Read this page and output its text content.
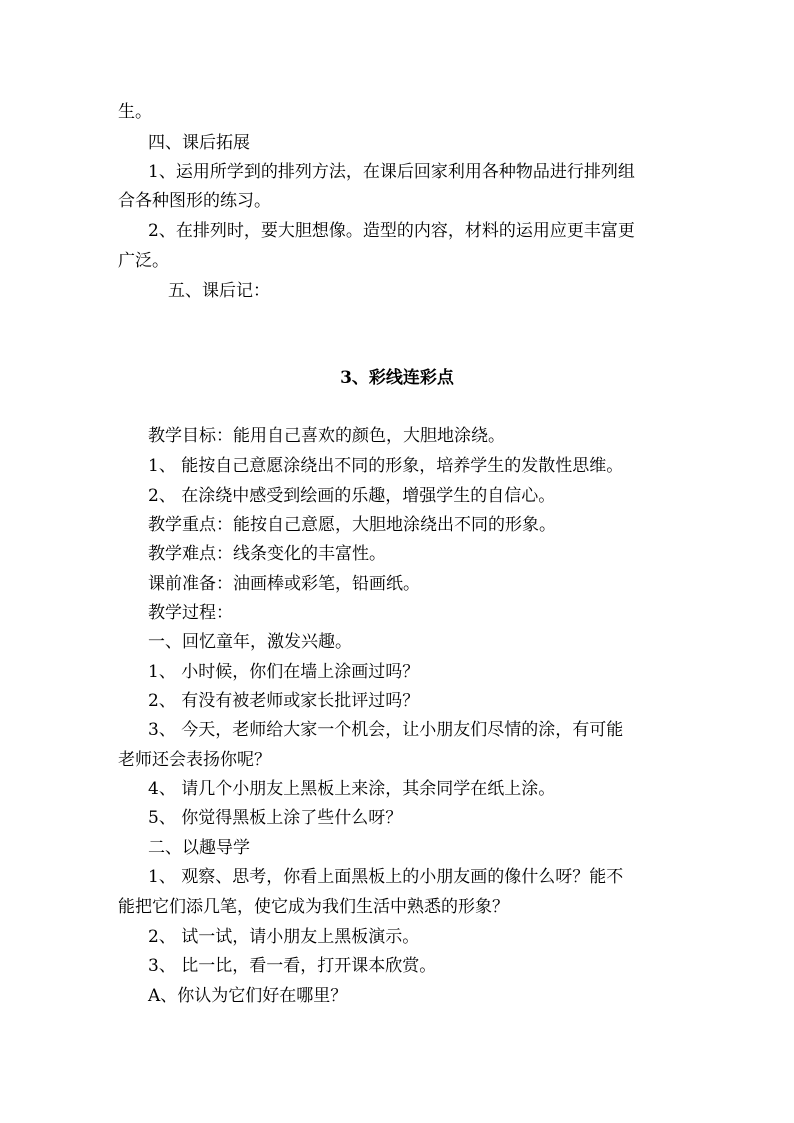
生。
四、课后拓展
1、运用所学到的排列方法，在课后回家利用各种物品进行排列组
合各种图形的练习。
2、在排列时，要大胆想像。造型的内容，材料的运用应更丰富更
广泛。
五、课后记：
3、彩线连彩点
教学目标：能用自己喜欢的颜色，大胆地涂绕。
1、 能按自己意愿涂绕出不同的形象，培养学生的发散性思维。
2、 在涂绕中感受到绘画的乐趣，增强学生的自信心。
教学重点：能按自己意愿，大胆地涂绕出不同的形象。
教学难点：线条变化的丰富性。
课前准备：油画棒或彩笔，铅画纸。
教学过程：
一、回忆童年，激发兴趣。
1、 小时候，你们在墙上涂画过吗？
2、 有没有被老师或家长批评过吗？
3、 今天，老师给大家一个机会，让小朋友们尽情的涂，有可能
老师还会表扬你呢？
4、 请几个小朋友上黑板上来涂，其余同学在纸上涂。
5、 你觉得黑板上涂了些什么呀？
二、以趣导学
1、 观察、思考，你看上面黑板上的小朋友画的像什么呀？能不
能把它们添几笔，使它成为我们生活中熟悉的形象？
2、 试一试，请小朋友上黑板演示。
3、 比一比，看一看，打开课本欣赏。
A、你认为它们好在哪里？
